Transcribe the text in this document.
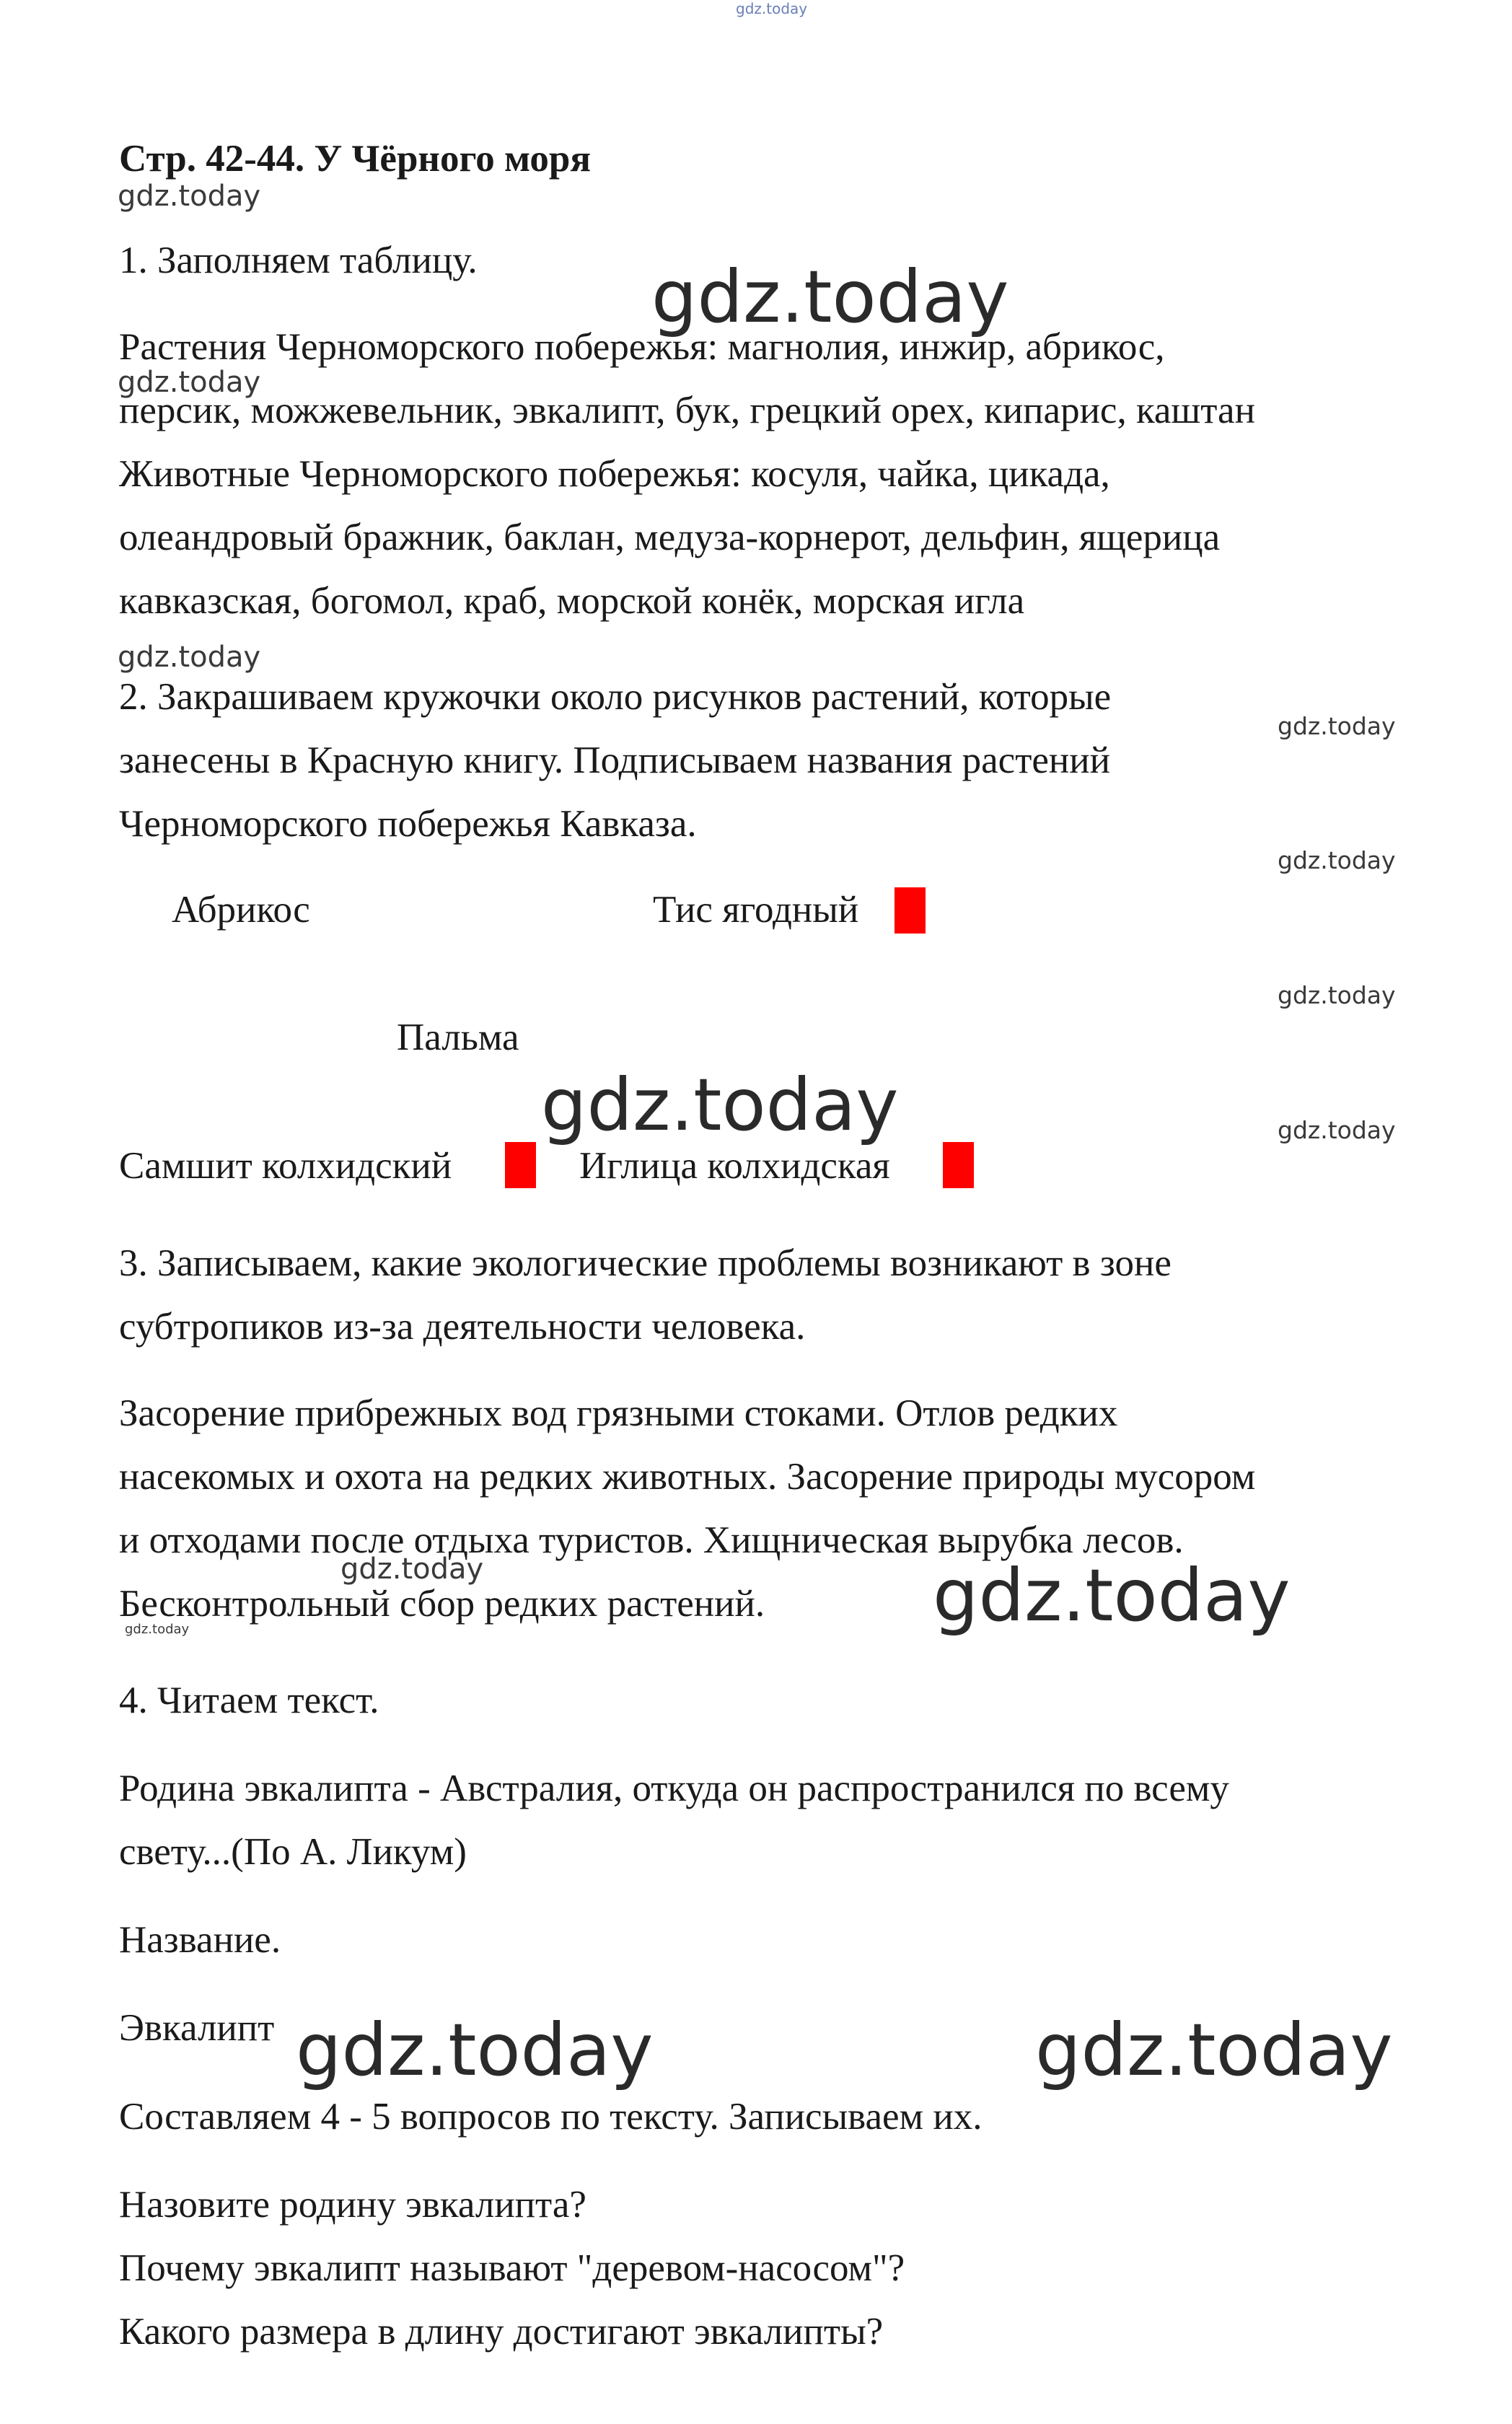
gdz.today
gdz.today
gdz.today
gdz.today
gdz.today
gdz.today
gdz.today
gdz.today
gdz.today	gdz.today
gdz.today	gdz.today
gdz.today
gdz.today	gdz.today
Стр. 42-44. У Чёрного моря
1. Заполняем таблицу.
Растения Черноморского побережья: магнолия, инжир, абрикос,
персик, можжевельник, эвкалипт, бук, грецкий орех, кипарис, каштан
Животные Черноморского побережья: косуля, чайка, цикада,
олеандровый бражник, баклан, медуза-корнерот, дельфин, ящерица
кавказская, богомол, краб, морской конёк, морская игла
2. Закрашиваем кружочки около рисунков растений, которые
занесены в Красную книгу. Подписываем названия растений
Черноморского побережья Кавказа.
Абрикос	Тис ягодный
Пальма
Самшит колхидский	Иглица колхидская
3. Записываем, какие экологические проблемы возникают в зоне
субтропиков из-за деятельности человека.
Засорение прибрежных вод грязными стоками. Отлов редких
насекомых и охота на редких животных. Засорение природы мусором
и отходами после отдыха туристов. Хищническая вырубка лесов.
Бесконтрольный сбор редких растений.
4. Читаем текст.
Родина эвкалипта - Австралия, откуда он распространился по всему
свету...(По А. Ликум)
Название.
Эвкалипт
Составляем 4 - 5 вопросов по тексту. Записываем их.
Назовите родину эвкалипта?
Почему эвкалипт называют "деревом-насосом"?
Какого размера в длину достигают эвкалипты?
